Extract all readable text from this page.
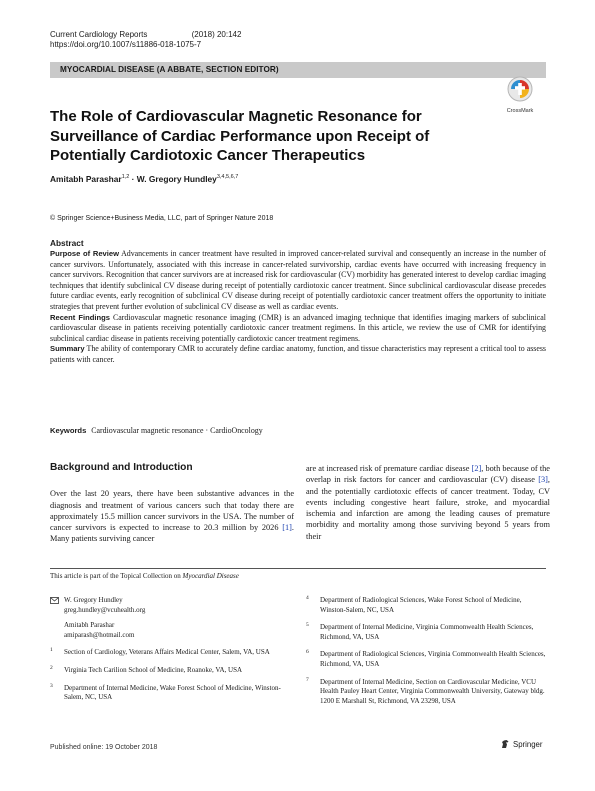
Current Cardiology Reports	(2018) 20:142
https://doi.org/10.1007/s11886-018-1075-7
MYOCARDIAL DISEASE (A ABBATE, SECTION EDITOR)
CrossMark
The Role of Cardiovascular Magnetic Resonance for Surveillance of Cardiac Performance upon Receipt of Potentially Cardiotoxic Cancer Therapeutics
Amitabh Parashar$^{1,2}$ · W. Gregory Hundley$^{3,4,5,6,7}$
© Springer Science+Business Media, LLC, part of Springer Nature 2018
Abstract

Purpose of Review Advancements in cancer treatment have resulted in improved cancer-related survival and consequently an increase in the number of cancer survivors. Unfortunately, associated with this increase in cancer-related survivorship, cardiac events have occurred with increasing frequency in cancer survivors. Recognition that cancer survivors are at increased risk for cardiovascular (CV) morbidity has generated interest to develop cardiac imaging techniques that identify subclinical CV disease during receipt of potentially cardiotoxic cancer treatment. Since subclinical cardiovascular disease precedes future cardiac events, early recognition of subclinical CV disease during receipt of potentially cardiotoxic cancer treatment offers the opportunity to initiate strategies that prevent further evolution of subclinical CV disease as well as cardiac events.

Recent Findings Cardiovascular magnetic resonance imaging (CMR) is an advanced imaging technique that identifies imaging markers of subclinical cardiovascular disease in patients receiving potentially cardiotoxic cancer treatment regimens. In this article, we review the use of CMR for identifying subclinical cardiac disease in patients receiving potentially cardiotoxic cancer treatment regimens.

Summary The ability of contemporary CMR to accurately define cardiac anatomy, function, and tissue characteristics may represent a critical tool to assess patients with cancer.

Keywords Cardiovascular magnetic resonance · CardioOncology
Background and Introduction

Over the last 20 years, there have been substantive advances in the diagnosis and treatment of various cancers such that today there are approximately 15.5 million cancer survivors in the USA. The number of cancer survivors is expected to increase to 20.3 million by 2026 [1]. Many patients surviving cancer

are at increased risk of premature cardiac disease [2], both because of the overlap in risk factors for cancer and cardiovascular (CV) disease [3], and the potentially cardiotoxic effects of cancer treatment. Today, CV events including congestive heart failure, stroke, and myocardial ischemia and infarction are among the leading causes of premature morbidity and mortality among those surviving beyond 5 years from their

This article is part of the Topical Collection on Myocardial Disease
W. Gregory Hundley
greg.hundley@vcuhealth.org
Amitabh Parashar
amiparash@hotmail.com
1 Section of Cardiology, Veterans Affairs Medical Center, Salem, VA, USA
2 Virginia Tech Carilion School of Medicine, Roanoke, VA, USA
3 Department of Internal Medicine, Wake Forest School of Medicine, Winston-Salem, NC, USA
4 Department of Radiological Sciences, Wake Forest School of Medicine, Winston-Salem, NC, USA
5 Department of Internal Medicine, Virginia Commonwealth Health Sciences, Richmond, VA, USA
6 Department of Radiological Sciences, Virginia Commonwealth Health Sciences, Richmond, VA, USA
7 Department of Internal Medicine, Section on Cardiovascular Medicine, VCU Health Pauley Heart Center, Virginia Commonwealth University, Gateway bldg. 1200 E Marshall St, Richmond, VA 23298, USA
Published online: 19 October 2018	Springer
